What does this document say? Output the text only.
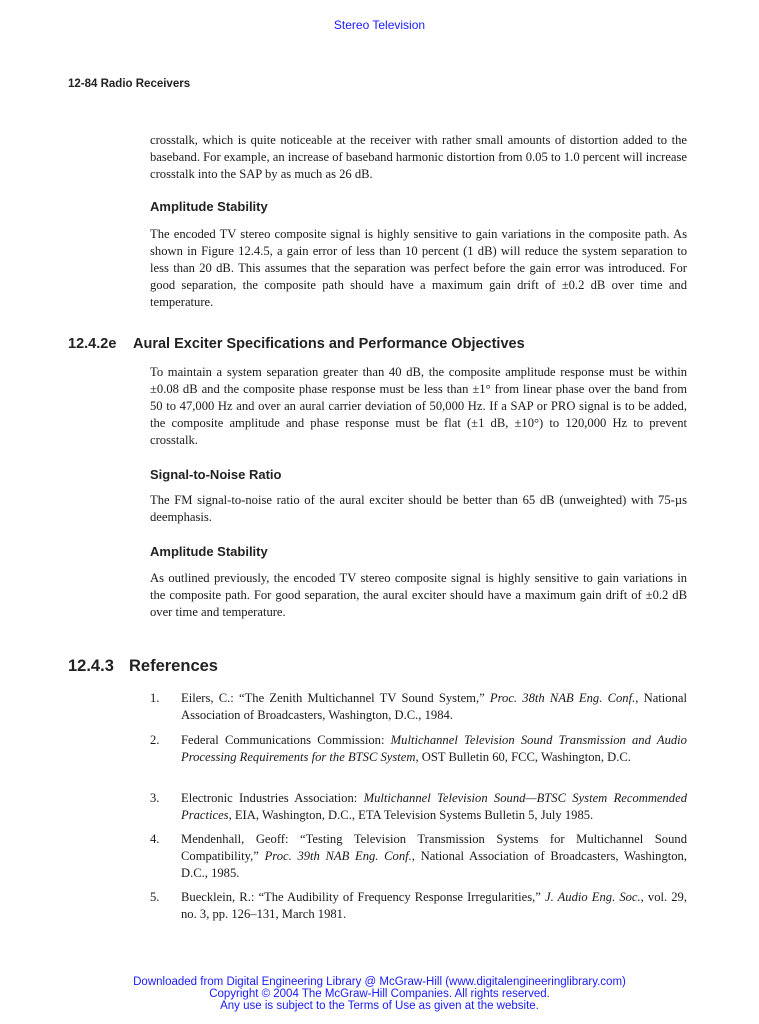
Stereo Television
12-84 Radio Receivers

crosstalk, which is quite noticeable at the receiver with rather small amounts of distortion added to the baseband. For example, an increase of baseband harmonic distortion from 0.05 to 1.0 percent will increase crosstalk into the SAP by as much as 26 dB.

Amplitude Stability

The encoded TV stereo composite signal is highly sensitive to gain variations in the composite path. As shown in Figure 12.4.5, a gain error of less than 10 percent (1 dB) will reduce the system separation to less than 20 dB. This assumes that the separation was perfect before the gain error was introduced. For good separation, the composite path should have a maximum gain drift of ±0.2 dB over time and temperature.

12.4.2e Aural Exciter Specifications and Performance Objectives

To maintain a system separation greater than 40 dB, the composite amplitude response must be within ±0.08 dB and the composite phase response must be less than ±1° from linear phase over the band from 50 to 47,000 Hz and over an aural carrier deviation of 50,000 Hz. If a SAP or PRO signal is to be added, the composite amplitude and phase response must be flat (±1 dB, ±10°) to 120,000 Hz to prevent crosstalk.

Signal-to-Noise Ratio

The FM signal-to-noise ratio of the aural exciter should be better than 65 dB (unweighted) with 75-µs deemphasis.

Amplitude Stability

As outlined previously, the encoded TV stereo composite signal is highly sensitive to gain variations in the composite path. For good separation, the aural exciter should have a maximum gain drift of ±0.2 dB over time and temperature.

12.4.3 References
1. Eilers, C.: “The Zenith Multichannel TV Sound System,” Proc. 38th NAB Eng. Conf., National Association of Broadcasters, Washington, D.C., 1984.
2. Federal Communications Commission: Multichannel Television Sound Transmission and Audio Processing Requirements for the BTSC System, OST Bulletin 60, FCC, Washington, D.C.
3. Electronic Industries Association: Multichannel Television Sound—BTSC System Recommended Practices, EIA, Washington, D.C., ETA Television Systems Bulletin 5, July 1985.
4. Mendenhall, Geoff: “Testing Television Transmission Systems for Multichannel Sound Compatibility,” Proc. 39th NAB Eng. Conf., National Association of Broadcasters, Washington, D.C., 1985.
5. Buecklein, R.: “The Audibility of Frequency Response Irregularities,” J. Audio Eng. Soc., vol. 29, no. 3, pp. 126–131, March 1981.
Downloaded from Digital Engineering Library @ McGraw-Hill (www.digitalengineeringlibrary.com)
Copyright © 2004 The McGraw-Hill Companies. All rights reserved.
Any use is subject to the Terms of Use as given at the website.
